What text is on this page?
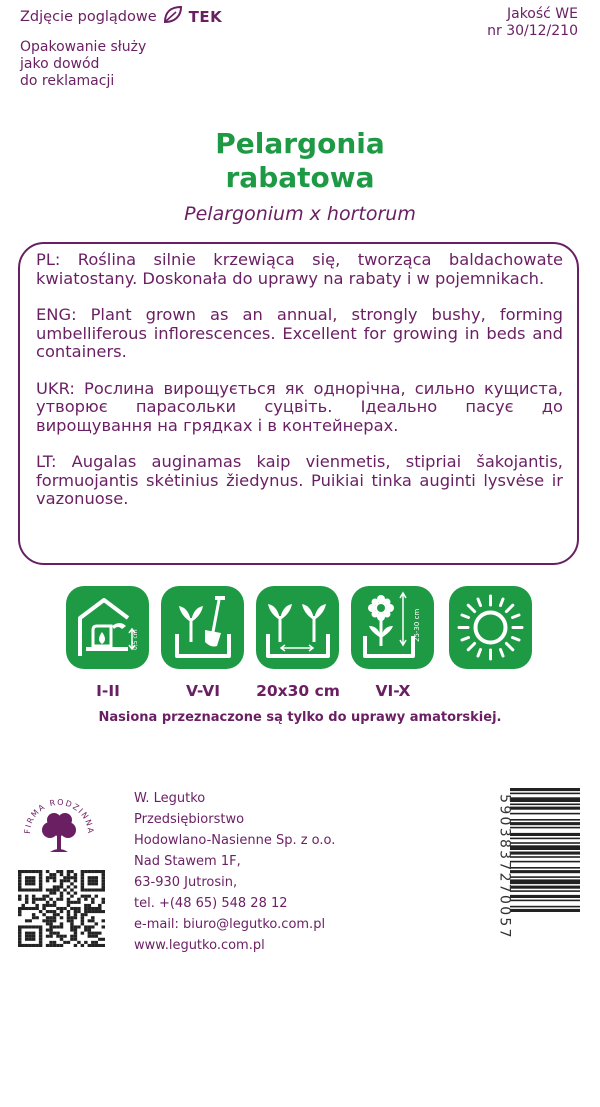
Zdjęcie poglądowe TEK
Opakowanie służy
jako dowód
do reklamacji
Jakość WE
nr 30/12/210
Pelargonia
rabatowa
Pelargonium x hortorum

PL: Roślina silnie krzewiąca się, tworząca baldachowate kwiatostany. Doskonała do uprawy na rabaty i w pojemnikach.

ENG: Plant grown as an annual, strongly bushy, forming umbelliferous inflorescences. Excellent for growing in beds and containers.

UKR: Рослина вирощується як однорічна, сильно кущиста, утворює парасольки суцвіть. Ідеально пасує до вирощування на грядках і в контейнерах.

LT: Augalas auginamas kaip vienmetis, stipriai šakojantis, formuojantis skėtinius žiedynus. Puikiai tinka auginti lysvėse ir vazonuose.

0,5 cm	25-30 cm
I-II	V-VI	20x30 cm	VI-X
Nasiona przeznaczone są tylko do uprawy amatorskiej.
FIRMA RODZINNA
W. Legutko
Przedsiębiorstwo
Hodowlano-Nasienne Sp. z o.o.
Nad Stawem 1F,
63-930 Jutrosin,
tel. +(48 65) 548 28 12
e-mail: biuro@legutko.com.pl
www.legutko.com.pl
5903837270057
